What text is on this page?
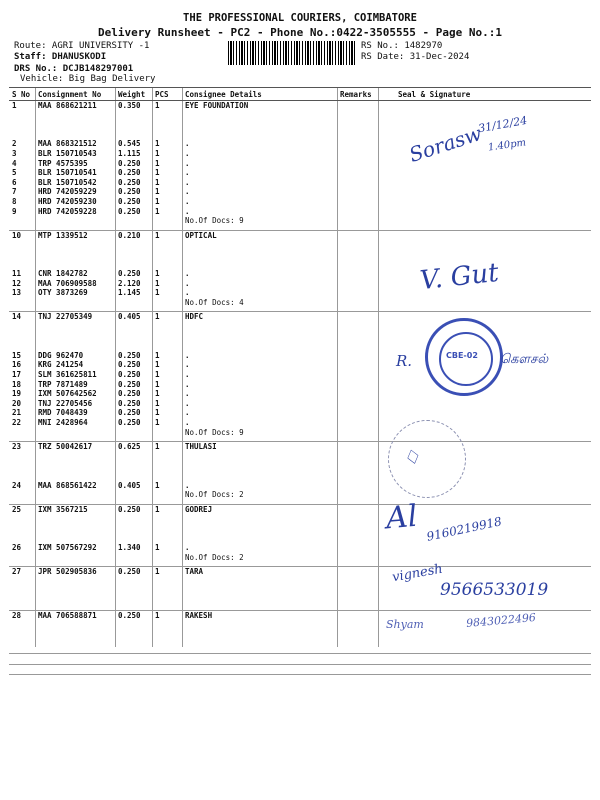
THE PROFESSIONAL COURIERS, COIMBATORE
Delivery Runsheet - PC2 - Phone No.:0422-3505555 - Page No.:1
Route: AGRI UNIVERSITY -1
Staff: DHANUSKODI
DRS No.: DCJB148297001
Vehicle: Big Bag Delivery
RS No.: 1482970
RS Date: 31-Dec-2024
S No	Consignment No	Weight	PCS	Consignee Details	Remarks	Seal & Signature
1	MAA 868621211	0.350	1	EYE FOUNDATION		

2	MAA 868321512	0.545	1	.		
3	BLR 150710543	1.115	1	.		
4	TRP 4575395	0.250	1	.		
5	BLR 150710541	0.250	1	.		
6	BLR 150710542	0.250	1	.		
7	HRD 742059229	0.250	1	.		
8	HRD 742059230	0.250	1	.		
9	HRD 742059228	0.250	1	.		
				No.Of Docs: 9		

10	MTP 1339512	0.210	1	OPTICAL		

11	CNR 1842782	0.250	1	.		
12	MAA 706909588	2.120	1	.		
13	OTY 3873269	1.145	1	.		
				No.Of Docs: 4		

14	TNJ 22705349	0.405	1	HDFC		

15	DDG 962470	0.250	1	.		
16	KRG 241254	0.250	1	.		
17	SLM 361625811	0.250	1	.		
18	TRP 7871489	0.250	1	.		
19	IXM 507642562	0.250	1	.		
20	TNJ 22705456	0.250	1	.		
21	RMD 7048439	0.250	1	.		
22	MNI 2428964	0.250	1	.		
				No.Of Docs: 9		

23	TRZ 50042617	0.625	1	THULASI		

24	MAA 868561422	0.405	1	.		
				No.Of Docs: 2		

25	IXM 3567215	0.250	1	GODREJ		

26	IXM 507567292	1.340	1	.		
				No.Of Docs: 2		

27	JPR 502905836	0.250	1	TARA		

28	MAA 706588871	0.250	1	RAKESH		

Sorasw
31/12/24
1.40pm
V. Gut
CBE-02
R.	கௌசல்
♢
Al 9160219918
vignesh
9566533019
Shyam	9843022496
